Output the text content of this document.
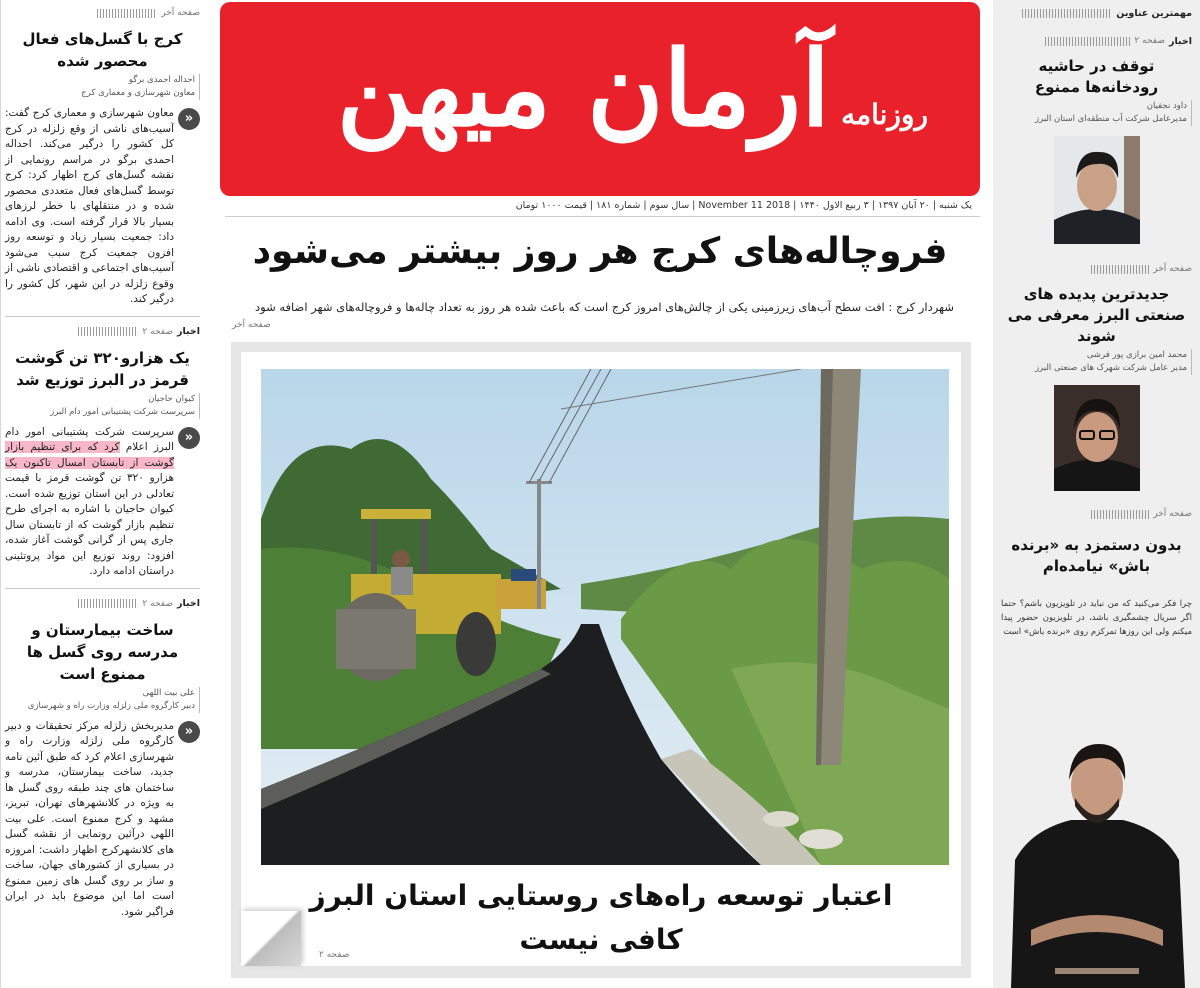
مهمترین عناوین
اخبار
صفحه ۲
توقف در حاشیه رودخانه‌ها ممنوع
داود نجفیان
مدیرعامل شرکت آب منطقه‌ای استان البرز
صفحه آخر
جدیدترین پدیده های صنعتی البرز معرفی می شوند
محمد امین برازی پور فرشی
مدیر عامل شرکت شهرک های صنعتی البرز
صفحه آخر
بدون دستمزد به «برنده باش» نیامده‌ام
چرا فکر می‌کنید که من نباید در تلویزیون باشم؟ حتما اگر سریال چشمگیری باشد، در تلویزیون حضور پیدا میکنم ولی این روزها تمرکزم روی «برنده باش» است
آرمان میهن روزنامه
یک شنبه | ۲۰ آبان ۱۳۹۷ | ۳ ربیع الاول ۱۴۴۰ | 2018 November 11 | سال سوم | شماره ۱۸۱ | قیمت ۱۰۰۰ تومان
فروچاله‌های کرج هر روز بیشتر می‌شود
شهردار کرج : افت سطح آب‌های زیرزمینی یکی از چالش‌های امروز کرج است که باعث شده هر روز به تعداد چاله‌ها و فروچاله‌های شهر اضافه شود
صفحه آخر
اعتبار توسعه راه‌های روستایی استان البرز کافی نیست
صفحه ۲
صفحه آخر
کرج با گسل‌های فعال محصور شده
احداله احمدی برگو
معاون شهرسازی و معماری کرج
«

معاون شهرسازی و معماری کرج گفت: آسیب‌های ناشی از وقع زلزله در کرج کل کشور را درگیر می‌کند. احداله احمدی برگو در مراسم رونمایی از نقشه گسل‌های کرج اظهار کرد: کرج توسط گسل‌های فعال متعددی محصور شده و در منتقلهای با خطر لرزهای بسیار بالا قرار گرفته است. وی ادامه داد: جمعیت بسیار زیاد و توسعه روز افزون جمعیت کرج سبب می‌شود آسیب‌های اجتماعی و اقتصادی ناشی از وقوع زلزله در این شهر، کل کشور را درگیر کند.

اخبار
صفحه ۲
یک هزارو۳۲۰ تن گوشت قرمز در البرز توزیع شد
کیوان حاجیان
سرپرست شرکت پشتیبانی امور دام البرز
«

سرپرست شرکت پشتیبانی امور دام البرز اعلام کرد که برای تنظیم بازار گوشت از تابستان امسال تاکنون یک هزارو ۳۲۰ تن گوشت قرمز با قیمت تعادلی در این استان توزیع شده است. کیوان حاجیان با اشاره به اجرای طرح تنظیم بازار گوشت که از تابستان سال جاری پس از گرانی گوشت آغاز شده، افزود: روند توزیع این مواد پروتئینی دراستان ادامه دارد.

اخبار
صفحه ۲
ساخت بیمارستان و مدرسه روی گسل ها ممنوع است
علی بیت اللهی
دبیر کارگروه ملی زلزله وزارت راه و شهرسازی
«

مدیربخش زلزله مرکز تحقیقات و دبیر کارگروه ملی زلزله وزارت راه و شهرسازی اعلام کرد که طبق آئین نامه جدید، ساخت بیمارستان، مدرسه و ساختمان های چند طبقه روی گسل ها به ویژه در کلانشهرهای تهران، تبریز، مشهد و کرج ممنوع است. علی بیت اللهی درآئین رونمایی از نقشه گسل های کلانشهرکرج اظهار داشت: امروزه در بسیاری از کشورهای جهان، ساخت و ساز بر روی گسل های زمین ممنوع است اما این موضوع باید در ایران فراگیر شود.
